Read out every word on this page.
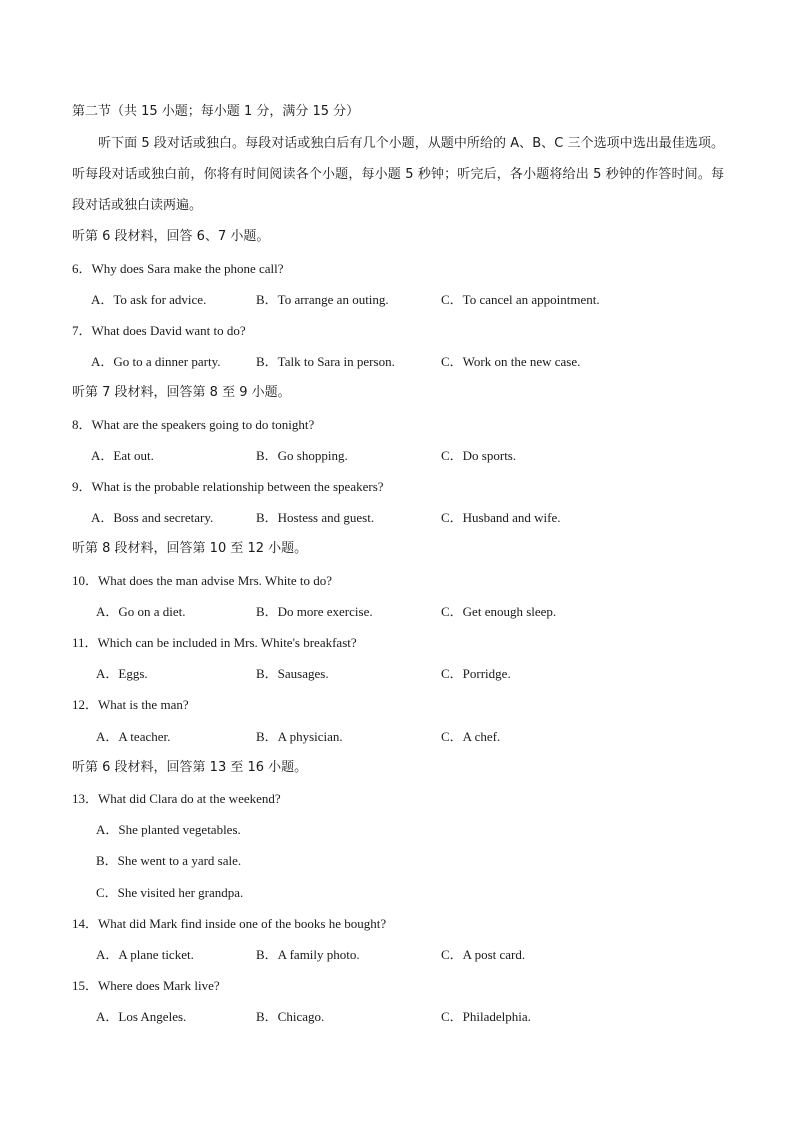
第二节（共 15 小题；每小题 1 分，满分 15 分）
听下面 5 段对话或独白。每段对话或独白后有几个小题，从题中所给的 A、B、C 三个选项中选出最佳选项。听每段对话或独白前，你将有时间阅读各个小题，每小题 5 秒钟；听完后，各小题将给出 5 秒钟的作答时间。每段对话或独白读两遍。
听第 6 段材料，回答 6、7 小题。
6．Why does Sara make the phone call?
A．To ask for advice.	B．To arrange an outing.	C．To cancel an appointment.
7．What does David want to do?
A．Go to a dinner party.	B．Talk to Sara in person.	C．Work on the new case.
听第 7 段材料，回答第 8 至 9 小题。
8．What are the speakers going to do tonight?
A．Eat out.	B．Go shopping.	C．Do sports.
9．What is the probable relationship between the speakers?
A．Boss and secretary.	B．Hostess and guest.	C．Husband and wife.
听第 8 段材料，回答第 10 至 12 小题。
10．What does the man advise Mrs. White to do?
A．Go on a diet.	B．Do more exercise.	C．Get enough sleep.
11．Which can be included in Mrs. White's breakfast?
A．Eggs.	B．Sausages.	C．Porridge.
12．What is the man?
A．A teacher.	B．A physician.	C．A chef.
听第 6 段材料，回答第 13 至 16 小题。
13．What did Clara do at the weekend?
A．She planted vegetables.
B．She went to a yard sale.
C．She visited her grandpa.
14．What did Mark find inside one of the books he bought?
A．A plane ticket.	B．A family photo.	C．A post card.
15．Where does Mark live?
A．Los Angeles.	B．Chicago.	C．Philadelphia.
